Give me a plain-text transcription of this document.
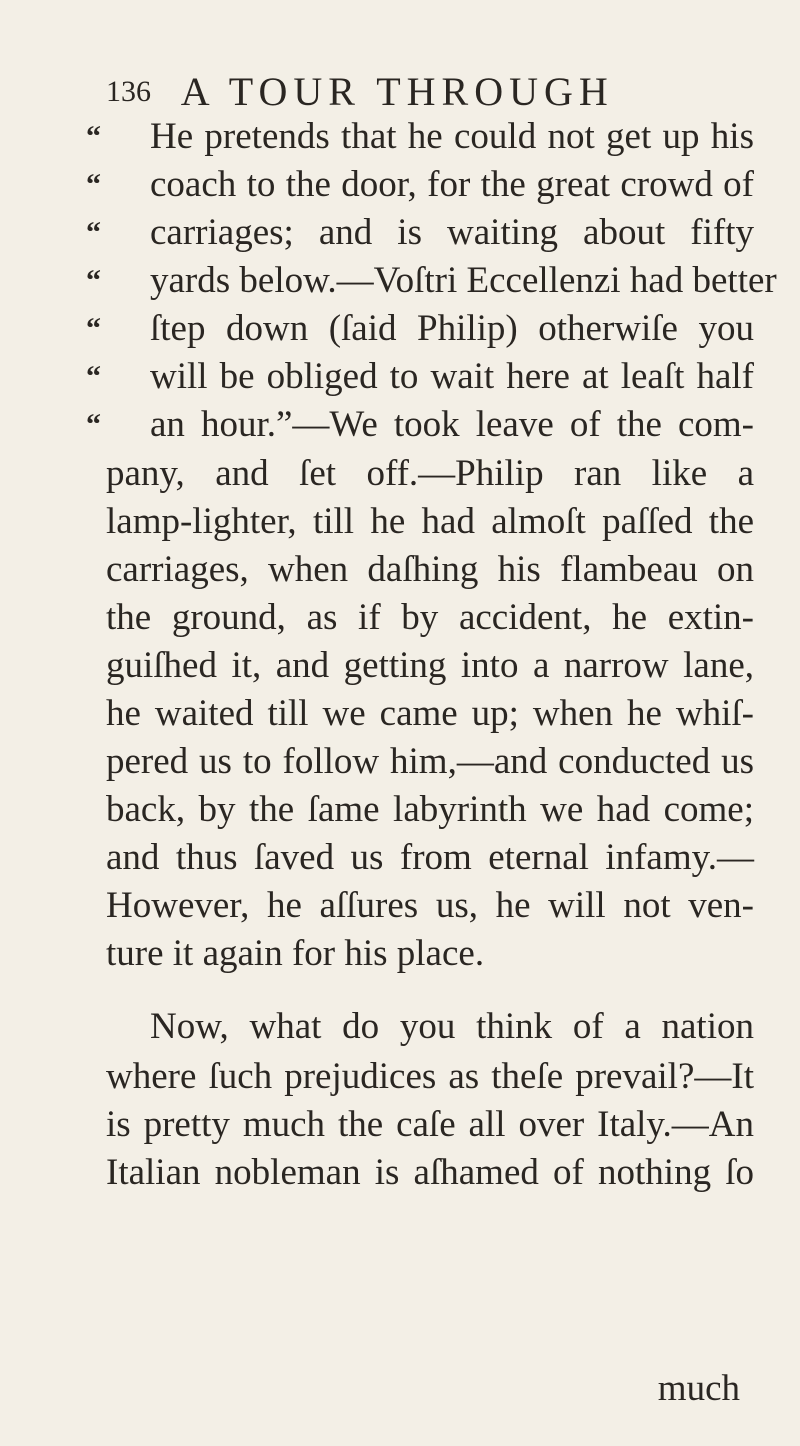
136 A TOUR THROUGH
“ He pretends that he could not get up his
“ coach to the door, for the great crowd of
“ carriages; and is waiting about fifty
“ yards below.—Voſtri Eccellenzi had better
“ ſtep down (ſaid Philip) otherwiſe you
“ will be obliged to wait here at leaſt half
“ an hour.”—We took leave of the com-
pany, and ſet off.—Philip ran like a
lamp-lighter, till he had almoſt paſſed the
carriages, when daſhing his flambeau on
the ground, as if by accident, he extin-
guiſhed it, and getting into a narrow lane,
he waited till we came up; when he whiſ-
pered us to follow him,—and conducted us
back, by the ſame labyrinth we had come;
and thus ſaved us from eternal infamy.—
However, he aſſures us, he will not ven-
ture it again for his place.
Now, what do you think of a nation
where ſuch prejudices as theſe prevail?—It
is pretty much the caſe all over Italy.—An
Italian nobleman is aſhamed of nothing ſo
much
